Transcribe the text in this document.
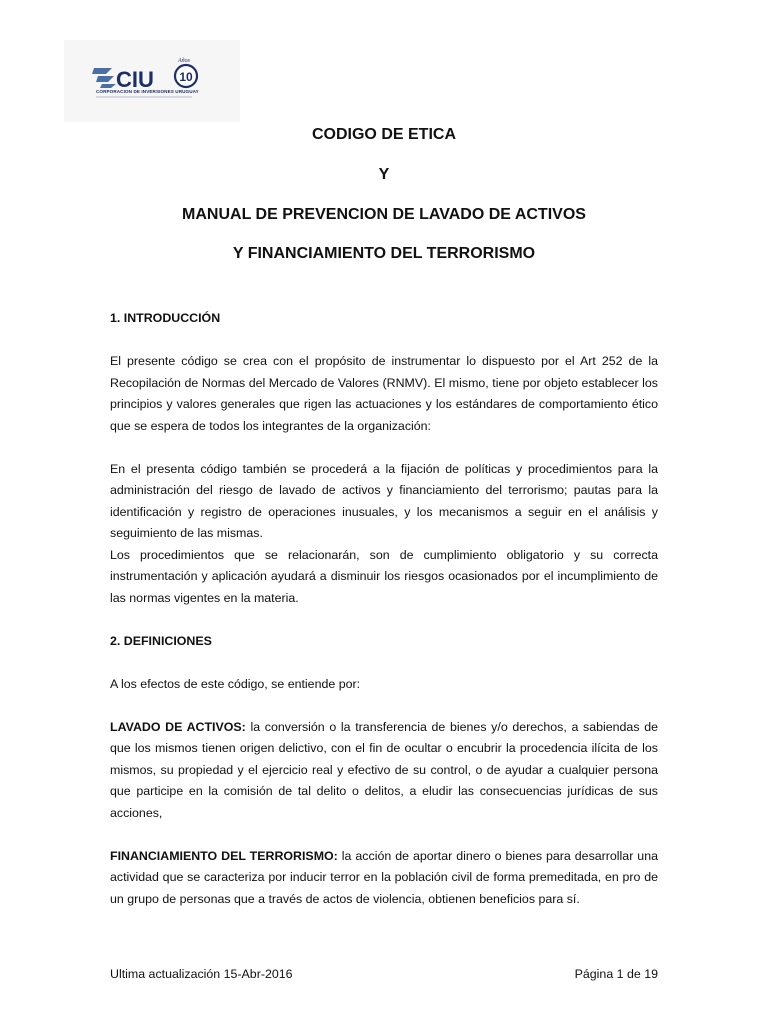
CIU 10
Años
CORPORACION DE INVERSIONES URUGUAY
CODIGO DE ETICA
Y
MANUAL DE PREVENCION DE LAVADO DE ACTIVOS
Y FINANCIAMIENTO DEL TERRORISMO

1. INTRODUCCIÓN

El presente código se crea con el propósito de instrumentar lo dispuesto por el Art 252 de la Recopilación de Normas del Mercado de Valores (RNMV). El mismo, tiene por objeto establecer los principios y valores generales que rigen las actuaciones y los estándares de comportamiento ético que se espera de todos los integrantes de la organización:

En el presenta código también se procederá a la fijación de políticas y procedimientos para la administración del riesgo de lavado de activos y financiamiento del terrorismo; pautas para la identificación y registro de operaciones inusuales, y los mecanismos a seguir en el análisis y seguimiento de las mismas.

Los procedimientos que se relacionarán, son de cumplimiento obligatorio y su correcta instrumentación y aplicación ayudará a disminuir los riesgos ocasionados por el incumplimiento de las normas vigentes en la materia.

2. DEFINICIONES

A los efectos de este código, se entiende por:

LAVADO DE ACTIVOS: la conversión o la transferencia de bienes y/o derechos, a sabiendas de que los mismos tienen origen delictivo, con el fin de ocultar o encubrir la procedencia ilícita de los mismos, su propiedad y el ejercicio real y efectivo de su control, o de ayudar a cualquier persona que participe en la comisión de tal delito o delitos, a eludir las consecuencias jurídicas de sus acciones,

FINANCIAMIENTO DEL TERRORISMO: la acción de aportar dinero o bienes para desarrollar una actividad que se caracteriza por inducir terror en la población civil de forma premeditada, en pro de un grupo de personas que a través de actos de violencia, obtienen beneficios para sí.

Ultima actualización 15-Abr-2016	Página 1 de 19
